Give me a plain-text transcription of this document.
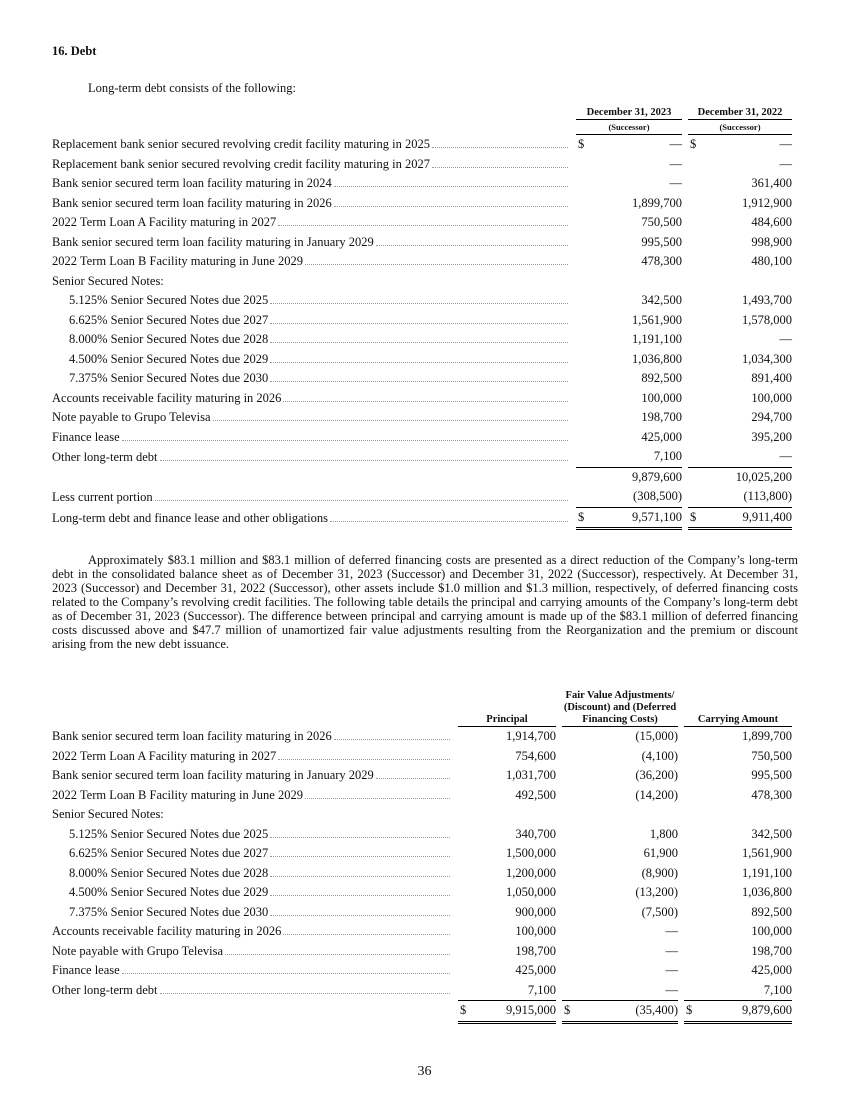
16. Debt
Long-term debt consists of the following:
		December 31, 2023			December 31, 2022	
		(Successor)			(Successor)	

Replacement bank senior secured revolving credit facility maturing in 2025		$	—		$	—

Replacement bank senior secured revolving credit facility maturing in 2027			—			—

Bank senior secured term loan facility maturing in 2024			—			361,400

Bank senior secured term loan facility maturing in 2026			1,899,700			1,912,900

2022 Term Loan A Facility maturing in 2027			750,500			484,600

Bank senior secured term loan facility maturing in January 2029			995,500			998,900

2022 Term Loan B Facility maturing in June 2029			478,300			480,100

Senior Secured Notes:						

5.125% Senior Secured Notes due 2025			342,500			1,493,700

6.625% Senior Secured Notes due 2027			1,561,900			1,578,000

8.000% Senior Secured Notes due 2028			1,191,100			—

4.500% Senior Secured Notes due 2029			1,036,800			1,034,300

7.375% Senior Secured Notes due 2030			892,500			891,400

Accounts receivable facility maturing in 2026			100,000			100,000

Note payable to Grupo Televisa			198,700			294,700

Finance lease			425,000			395,200

Other long-term debt			7,100			—

			9,879,600			10,025,200

Less current portion			(308,500)			(113,800)

Long-term debt and finance lease and other obligations		$	9,571,100		$	9,911,400
Approximately $83.1 million and $83.1 million of deferred financing costs are presented as a direct reduction of the Company’s long-term debt in the consolidated balance sheet as of December 31, 2023 (Successor) and December 31, 2022 (Successor), respectively. At December 31, 2023 (Successor) and December 31, 2022 (Successor), other assets include $1.0 million and $1.3 million, respectively, of deferred financing costs related to the Company’s revolving credit facilities. The following table details the principal and carrying amounts of the Company’s long-term debt as of December 31, 2023 (Successor). The difference between principal and carrying amount is made up of the $83.1 million of deferred financing costs discussed above and $47.7 million of unamortized fair value adjustments resulting from the Reorganization and the premium or discount arising from the new debt issuance.
		Principal			Fair Value Adjustments/ (Discount) and (Deferred Financing Costs)			Carrying Amount	

Bank senior secured term loan facility maturing in 2026			1,914,700			(15,000)			1,899,700

2022 Term Loan A Facility maturing in 2027			754,600			(4,100)			750,500

Bank senior secured term loan facility maturing in January 2029			1,031,700			(36,200)			995,500

2022 Term Loan B Facility maturing in June 2029			492,500			(14,200)			478,300

Senior Secured Notes:									

5.125% Senior Secured Notes due 2025			340,700			1,800			342,500

6.625% Senior Secured Notes due 2027			1,500,000			61,900			1,561,900

8.000% Senior Secured Notes due 2028			1,200,000			(8,900)			1,191,100

4.500% Senior Secured Notes due 2029			1,050,000			(13,200)			1,036,800

7.375% Senior Secured Notes due 2030			900,000			(7,500)			892,500

Accounts receivable facility maturing in 2026			100,000			—			100,000

Note payable with Grupo Televisa			198,700			—			198,700

Finance lease			425,000			—			425,000

Other long-term debt			7,100			—			7,100

		$	9,915,000		$	(35,400)		$	9,879,600
36
